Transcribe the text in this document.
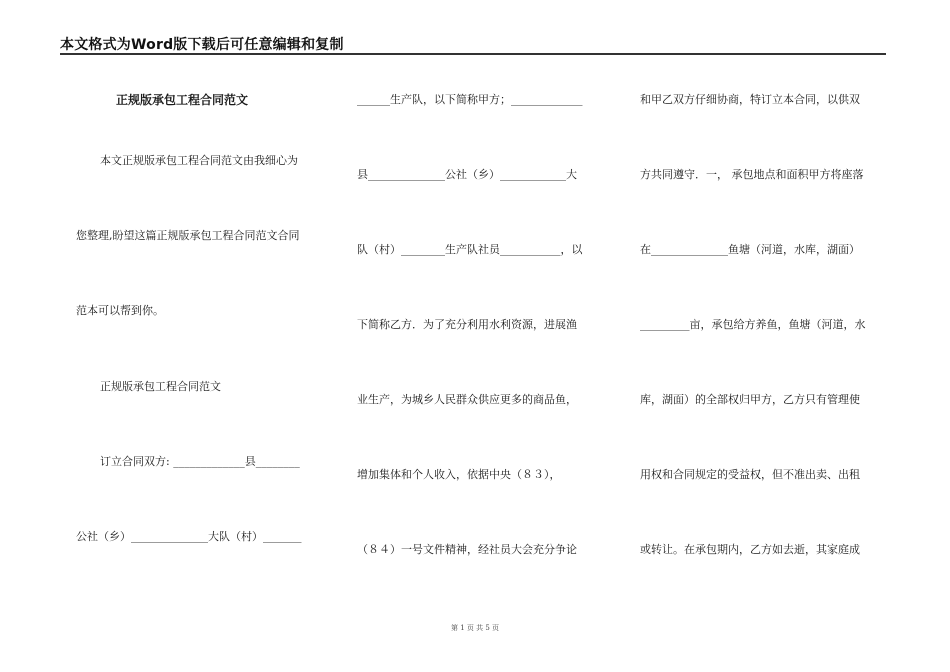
本文格式为Word版下载后可任意编辑和复制
正规版承包工程合同范文
本文正规版承包工程合同范文由我细心为
您整理,盼望这篇正规版承包工程合同范文合同
范本可以帮到你。
正规版承包工程合同范文
订立合同双方: _____________县________
公社（乡）______________大队（村）_______
______生产队，以下简称甲方；_____________
县______________公社（乡）____________大
队（村）________生产队社员___________，以
下简称乙方．为了充分利用水利资源，进展渔
业生产，为城乡人民群众供应更多的商品鱼，
增加集体和个人收入，依据中央（８３），
（８４）一号文件精神，经社员大会充分争论
和甲乙双方仔细协商，特订立本合同，以供双
方共同遵守．一， 承包地点和面积甲方将座落
在______________鱼塘（河道，水库，湖面）
_________亩，承包给方养鱼，鱼塘（河道，水
库，湖面）的全部权归甲方，乙方只有管理使
用权和合同规定的受益权，但不准出卖、出租
或转让。在承包期内，乙方如去逝，其家庭成
第 1 页 共 5 页
